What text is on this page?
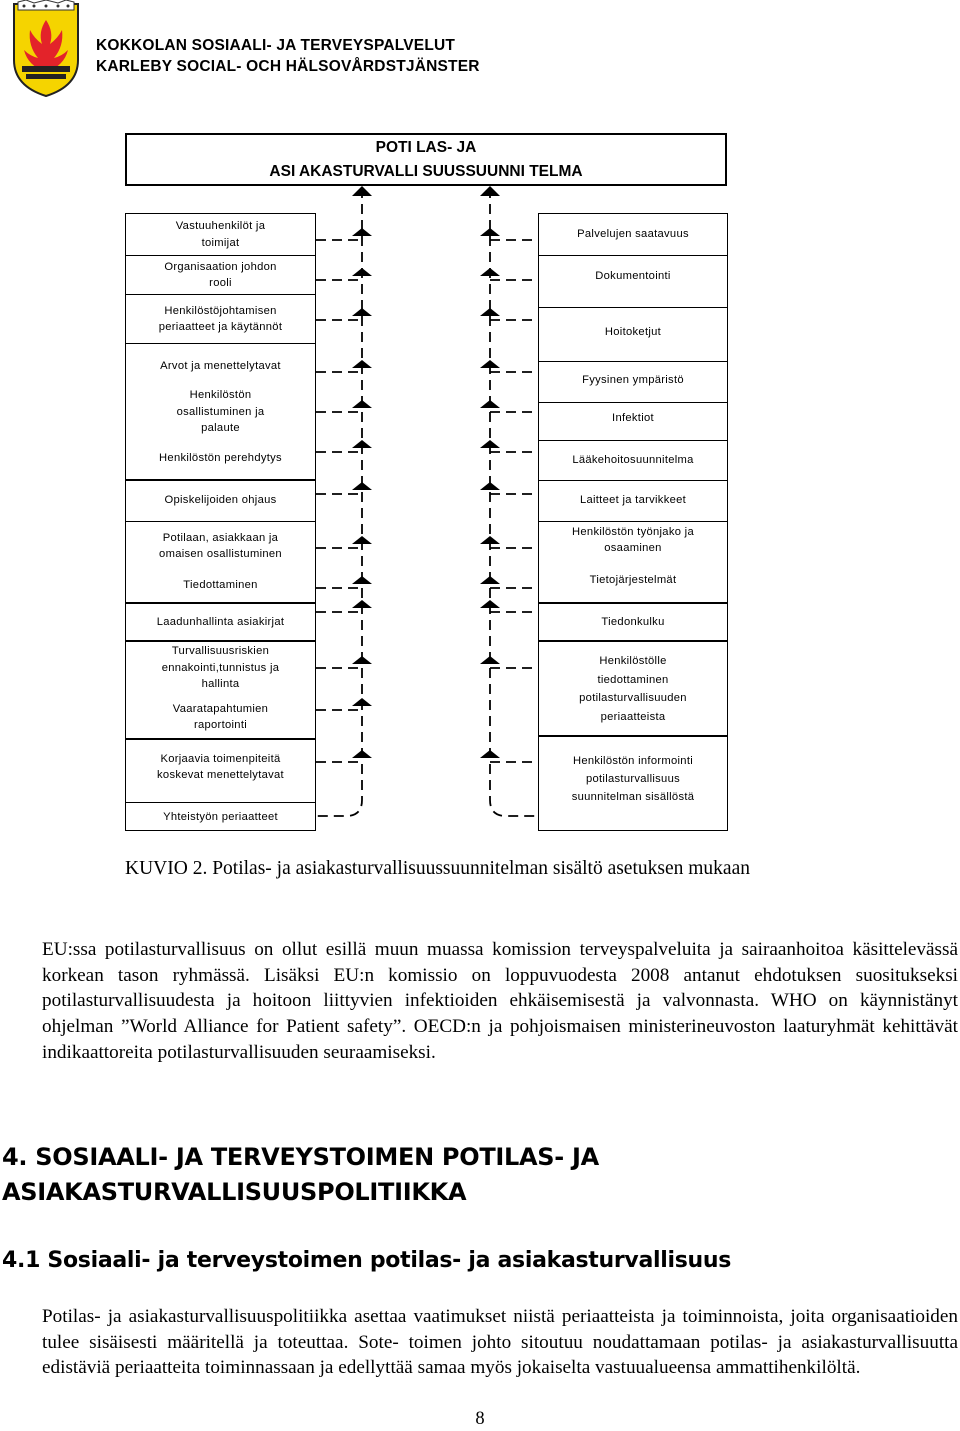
KOKKOLAN SOSIAALI- JA TERVEYSPALVELUT
KARLEBY SOCIAL- OCH HÄLSOVÅRDSTJÄNSTER
POTI LAS- JA
ASI AKASTURVALLI SUUSSUUNNI TELMA
Vastuuhenkilöt ja
toimijat
Organisaation johdon
rooli
Henkilöstöjohtamisen
periaatteet ja käytännöt
Arvot ja menettelytavat
Henkilöstön
osallistuminen ja
palaute
Henkilöstön perehdytys
Opiskelijoiden ohjaus
Potilaan, asiakkaan ja
omaisen osallistuminen
Tiedottaminen
Laadunhallinta asiakirjat
Turvallisuusriskien
ennakointi,tunnistus ja
hallinta
Vaaratapahtumien
raportointi
Korjaavia toimenpiteitä
koskevat menettelytavat
Yhteistyön periaatteet
Palvelujen saatavuus
Dokumentointi
Hoitoketjut
Fyysinen ympäristö
Infektiot
Lääkehoitosuunnitelma
Laitteet ja tarvikkeet
Henkilöstön työnjako ja
osaaminen
Tietojärjestelmät
Tiedonkulku
Henkilöstölle
tiedottaminen
potilasturvallisuuden
periaatteista
Henkilöstön informointi
potilasturvallisuus
suunnitelman sisällöstä
KUVIO 2. Potilas- ja asiakasturvallisuussuunnitelman sisältö asetuksen mukaan
EU:ssa potilasturvallisuus on ollut esillä muun muassa komission terveyspalveluita ja sairaanhoitoa käsittelevässä korkean tason ryhmässä. Lisäksi EU:n komissio on loppuvuodesta 2008 antanut ehdotuksen suositukseksi potilasturvallisuudesta ja hoitoon liittyvien infektioiden ehkäisemisestä ja valvonnasta. WHO on käynnistänyt ohjelman ”World Alliance for Patient safety”. OECD:n ja pohjoismaisen ministerineuvoston laaturyhmät kehittävät indikaattoreita potilasturvallisuuden seuraamiseksi.
4. SOSIAALI- JA TERVEYSTOIMEN POTILAS- JA ASIAKASTURVALLISUUSPOLITIIKKA
4.1 Sosiaali- ja terveystoimen potilas- ja asiakasturvallisuus
Potilas- ja asiakasturvallisuuspolitiikka asettaa vaatimukset niistä periaatteista ja toiminnoista, joita organisaatioiden tulee sisäisesti määritellä ja toteuttaa. Sote- toimen johto sitoutuu noudattamaan potilas- ja asiakasturvallisuutta edistäviä periaatteita toiminnassaan ja edellyttää samaa myös jokaiselta vastuualueensa ammattihenkilöltä.
8
